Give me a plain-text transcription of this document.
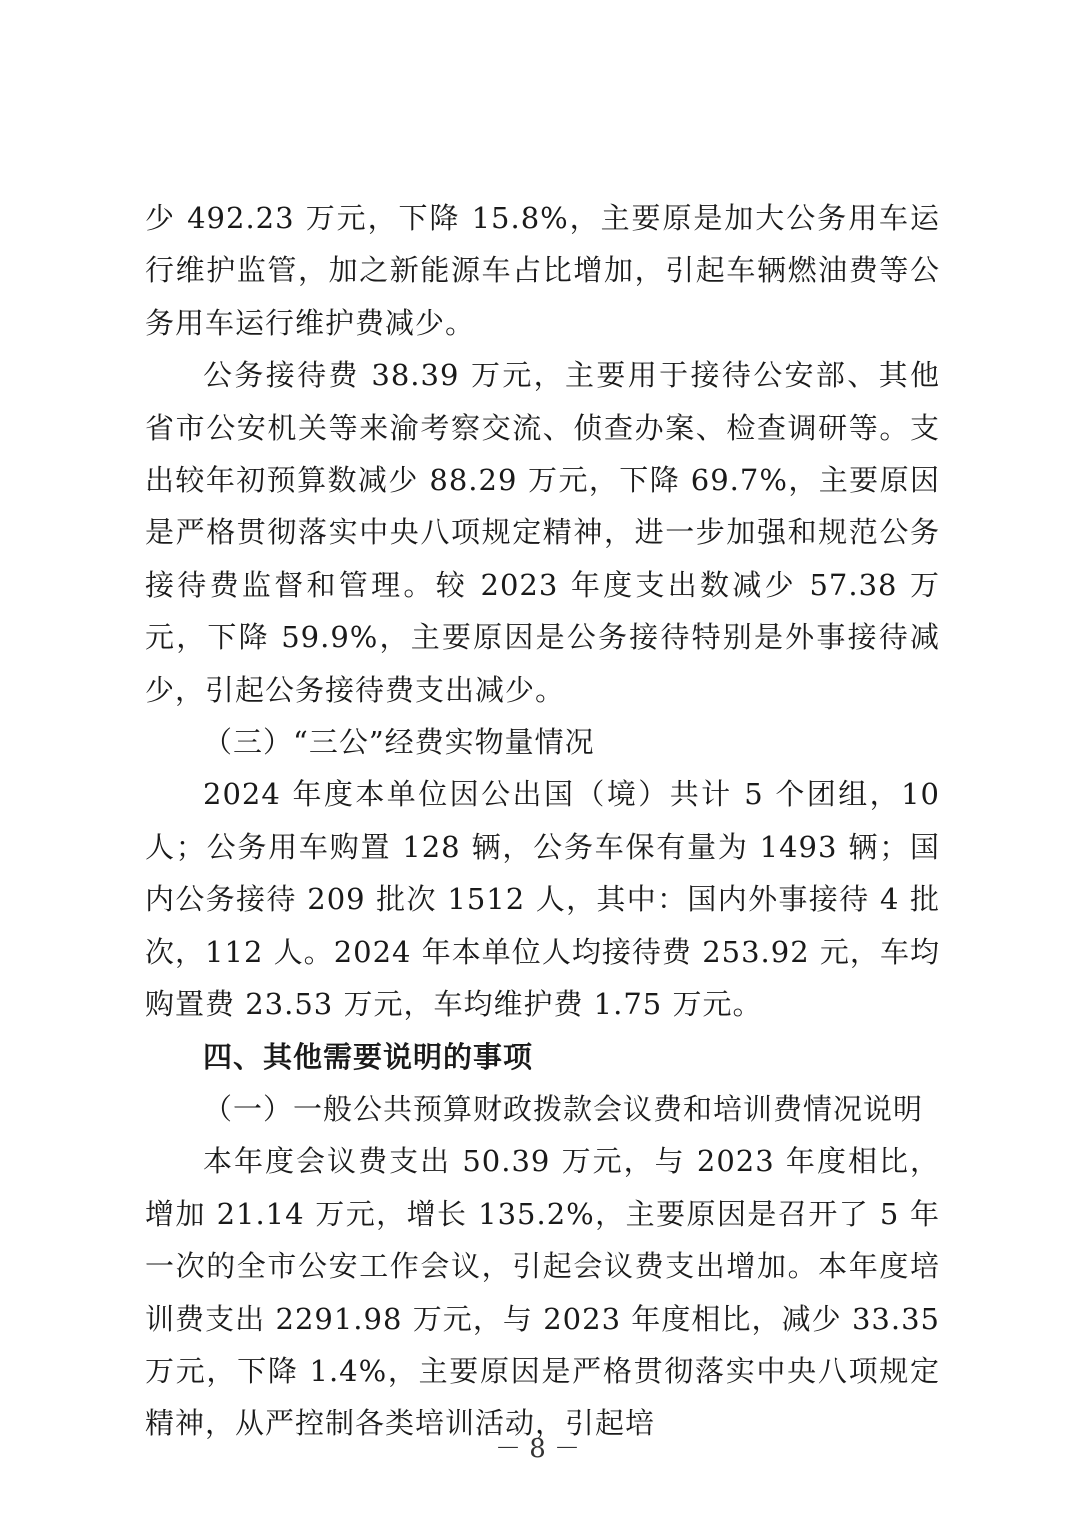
少 492.23 万元，下降 15.8%，主要原是加大公务用车运行维护监管，加之新能源车占比增加，引起车辆燃油费等公务用车运行维护费减少。

公务接待费 38.39 万元，主要用于接待公安部、其他省市公安机关等来渝考察交流、侦查办案、检查调研等。支出较年初预算数减少 88.29 万元，下降 69.7%，主要原因是严格贯彻落实中央八项规定精神，进一步加强和规范公务接待费监督和管理。较 2023 年度支出数减少 57.38 万元，下降 59.9%，主要原因是公务接待特别是外事接待减少，引起公务接待费支出减少。

（三）“三公”经费实物量情况

2024 年度本单位因公出国（境）共计 5 个团组，10 人；公务用车购置 128 辆，公务车保有量为 1493 辆；国内公务接待 209 批次 1512 人，其中：国内外事接待 4 批次，112 人。2024 年本单位人均接待费 253.92 元，车均购置费 23.53 万元，车均维护费 1.75 万元。

四、其他需要说明的事项

（一）一般公共预算财政拨款会议费和培训费情况说明

本年度会议费支出 50.39 万元，与 2023 年度相比，增加 21.14 万元，增长 135.2%，主要原因是召开了 5 年一次的全市公安工作会议，引起会议费支出增加。本年度培训费支出 2291.98 万元，与 2023 年度相比，减少 33.35 万元，下降 1.4%，主要原因是严格贯彻落实中央八项规定精神，从严控制各类培训活动，引起培

－ 8 －
